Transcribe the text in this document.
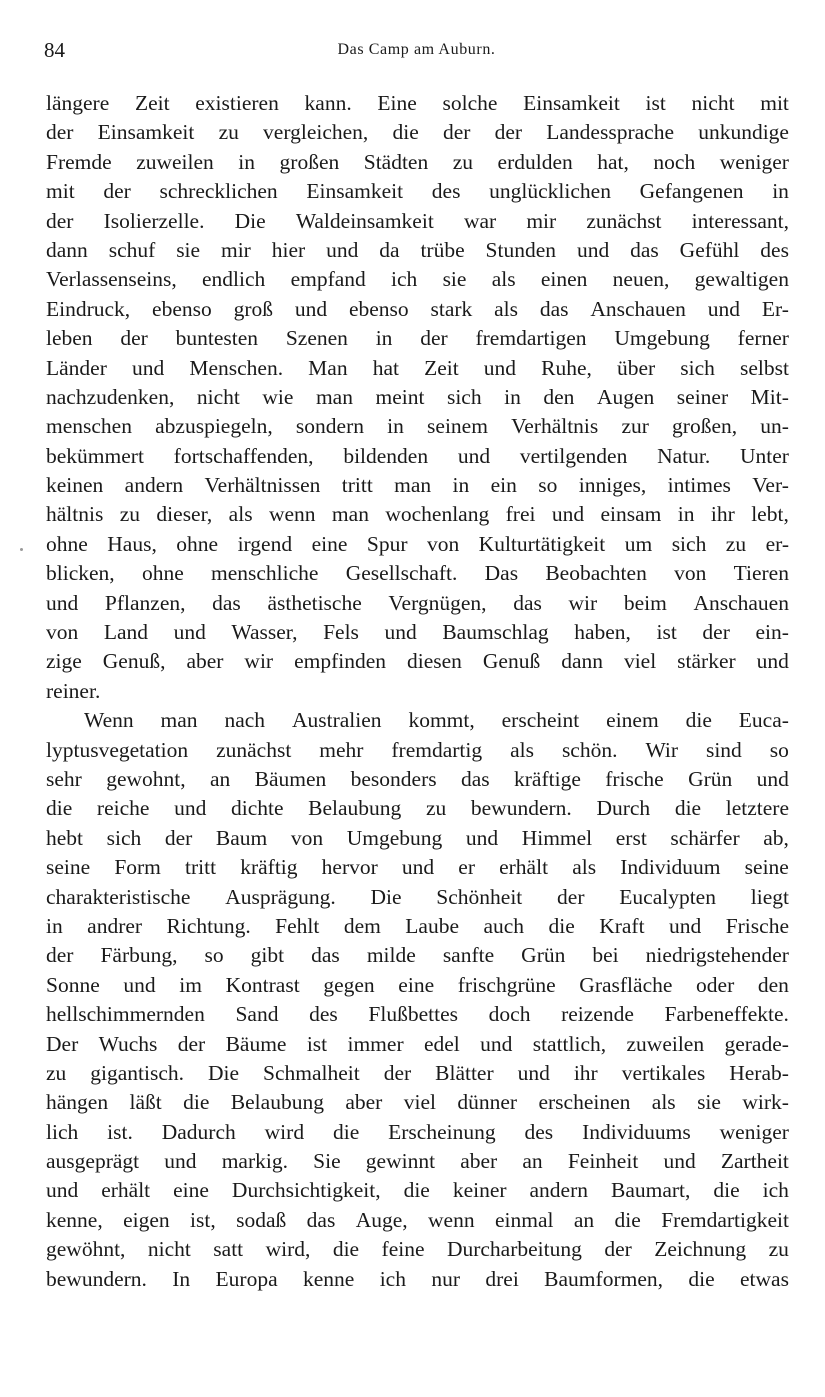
84	Das Camp am Auburn.
längere Zeit existieren kann. Eine solche Einsamkeit ist nicht mit
der Einsamkeit zu vergleichen, die der der Landessprache unkundige
Fremde zuweilen in großen Städten zu erdulden hat, noch weniger
mit der schrecklichen Einsamkeit des unglücklichen Gefangenen in
der Isolierzelle. Die Waldeinsamkeit war mir zunächst interessant,
dann schuf sie mir hier und da trübe Stunden und das Gefühl des
Verlassenseins, endlich empfand ich sie als einen neuen, gewaltigen
Eindruck, ebenso groß und ebenso stark als das Anschauen und Er-
leben der buntesten Szenen in der fremdartigen Umgebung ferner
Länder und Menschen. Man hat Zeit und Ruhe, über sich selbst
nachzudenken, nicht wie man meint sich in den Augen seiner Mit-
menschen abzuspiegeln, sondern in seinem Verhältnis zur großen, un-
bekümmert fortschaffenden, bildenden und vertilgenden Natur. Unter
keinen andern Verhältnissen tritt man in ein so inniges, intimes Ver-
hältnis zu dieser, als wenn man wochenlang frei und einsam in ihr lebt,
ohne Haus, ohne irgend eine Spur von Kulturtätigkeit um sich zu er-
blicken, ohne menschliche Gesellschaft. Das Beobachten von Tieren
und Pflanzen, das ästhetische Vergnügen, das wir beim Anschauen
von Land und Wasser, Fels und Baumschlag haben, ist der ein-
zige Genuß, aber wir empfinden diesen Genuß dann viel stärker und
reiner.
Wenn man nach Australien kommt, erscheint einem die Euca-
lyptusvegetation zunächst mehr fremdartig als schön. Wir sind so
sehr gewohnt, an Bäumen besonders das kräftige frische Grün und
die reiche und dichte Belaubung zu bewundern. Durch die letztere
hebt sich der Baum von Umgebung und Himmel erst schärfer ab,
seine Form tritt kräftig hervor und er erhält als Individuum seine
charakteristische Ausprägung. Die Schönheit der Eucalypten liegt
in andrer Richtung. Fehlt dem Laube auch die Kraft und Frische
der Färbung, so gibt das milde sanfte Grün bei niedrigstehender
Sonne und im Kontrast gegen eine frischgrüne Grasfläche oder den
hellschimmernden Sand des Flußbettes doch reizende Farbeneffekte.
Der Wuchs der Bäume ist immer edel und stattlich, zuweilen gerade-
zu gigantisch. Die Schmalheit der Blätter und ihr vertikales Herab-
hängen läßt die Belaubung aber viel dünner erscheinen als sie wirk-
lich ist. Dadurch wird die Erscheinung des Individuums weniger
ausgeprägt und markig. Sie gewinnt aber an Feinheit und Zartheit
und erhält eine Durchsichtigkeit, die keiner andern Baumart, die ich
kenne, eigen ist, sodaß das Auge, wenn einmal an die Fremdartigkeit
gewöhnt, nicht satt wird, die feine Durcharbeitung der Zeichnung zu
bewundern. In Europa kenne ich nur drei Baumformen, die etwas
